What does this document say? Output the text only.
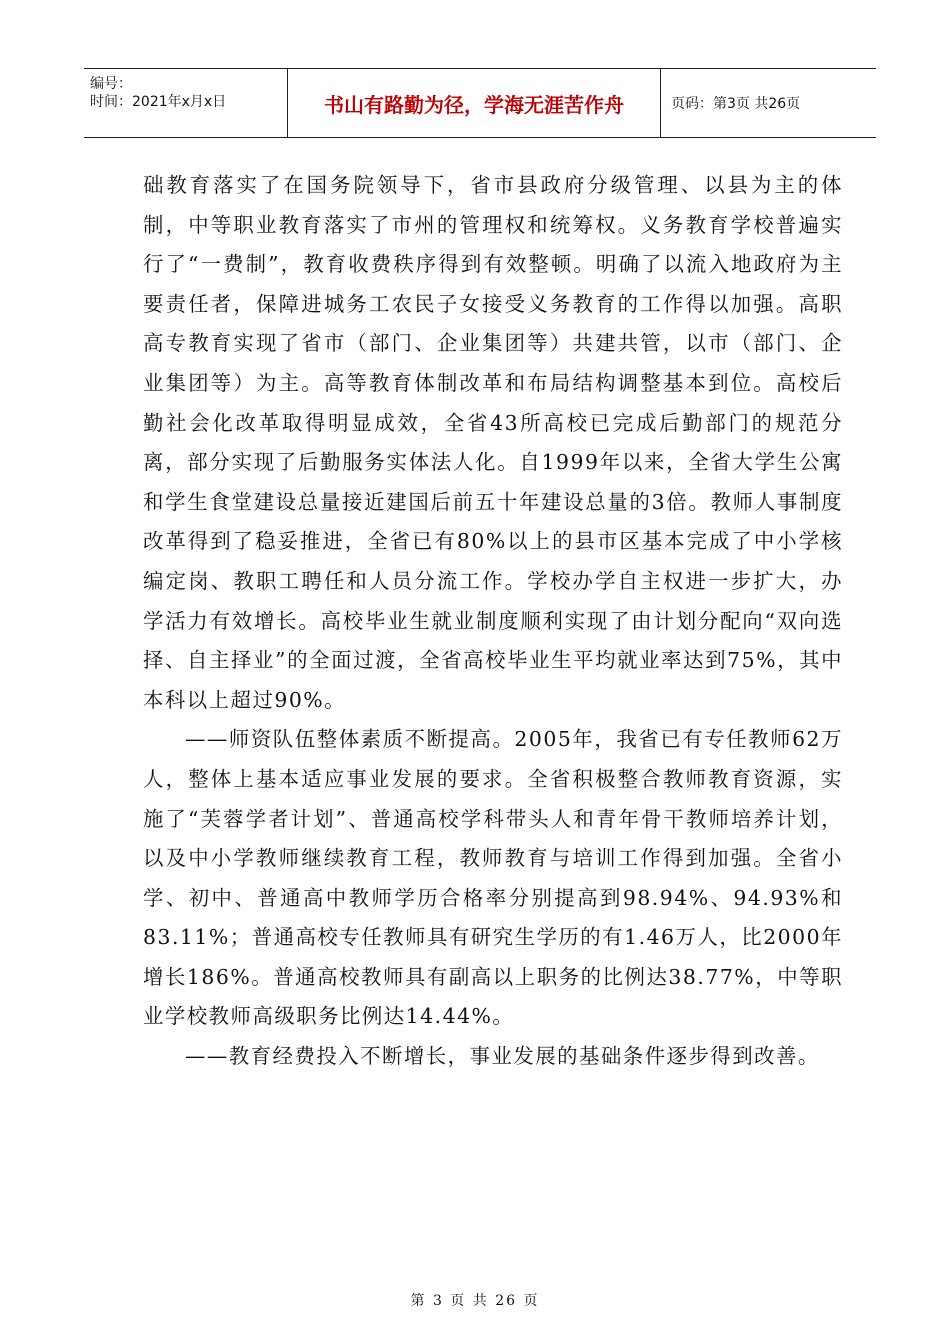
编号：
时间：2021年x月x日	书山有路勤为径，学海无涯苦作舟	页码：第3页 共26页

础教育落实了在国务院领导下，省市县政府分级管理、以县为主的体制，中等职业教育落实了市州的管理权和统筹权。义务教育学校普遍实行了“一费制”，教育收费秩序得到有效整顿。明确了以流入地政府为主要责任者，保障进城务工农民子女接受义务教育的工作得以加强。高职高专教育实现了省市（部门、企业集团等）共建共管，以市（部门、企业集团等）为主。高等教育体制改革和布局结构调整基本到位。高校后勤社会化改革取得明显成效，全省43所高校已完成后勤部门的规范分离，部分实现了后勤服务实体法人化。自1999年以来，全省大学生公寓和学生食堂建设总量接近建国后前五十年建设总量的3倍。教师人事制度改革得到了稳妥推进，全省已有80%以上的县市区基本完成了中小学核编定岗、教职工聘任和人员分流工作。学校办学自主权进一步扩大，办学活力有效增长。高校毕业生就业制度顺利实现了由计划分配向“双向选择、自主择业”的全面过渡，全省高校毕业生平均就业率达到75%，其中本科以上超过90%。

——师资队伍整体素质不断提高。2005年，我省已有专任教师62万人，整体上基本适应事业发展的要求。全省积极整合教师教育资源，实施了“芙蓉学者计划”、普通高校学科带头人和青年骨干教师培养计划，以及中小学教师继续教育工程，教师教育与培训工作得到加强。全省小学、初中、普通高中教师学历合格率分别提高到98.94%、94.93%和83.11%；普通高校专任教师具有研究生学历的有1.46万人，比2000年增长186%。普通高校教师具有副高以上职务的比例达38.77%，中等职业学校教师高级职务比例达14.44%。

——教育经费投入不断增长，事业发展的基础条件逐步得到改善。

第 3 页 共 26 页
